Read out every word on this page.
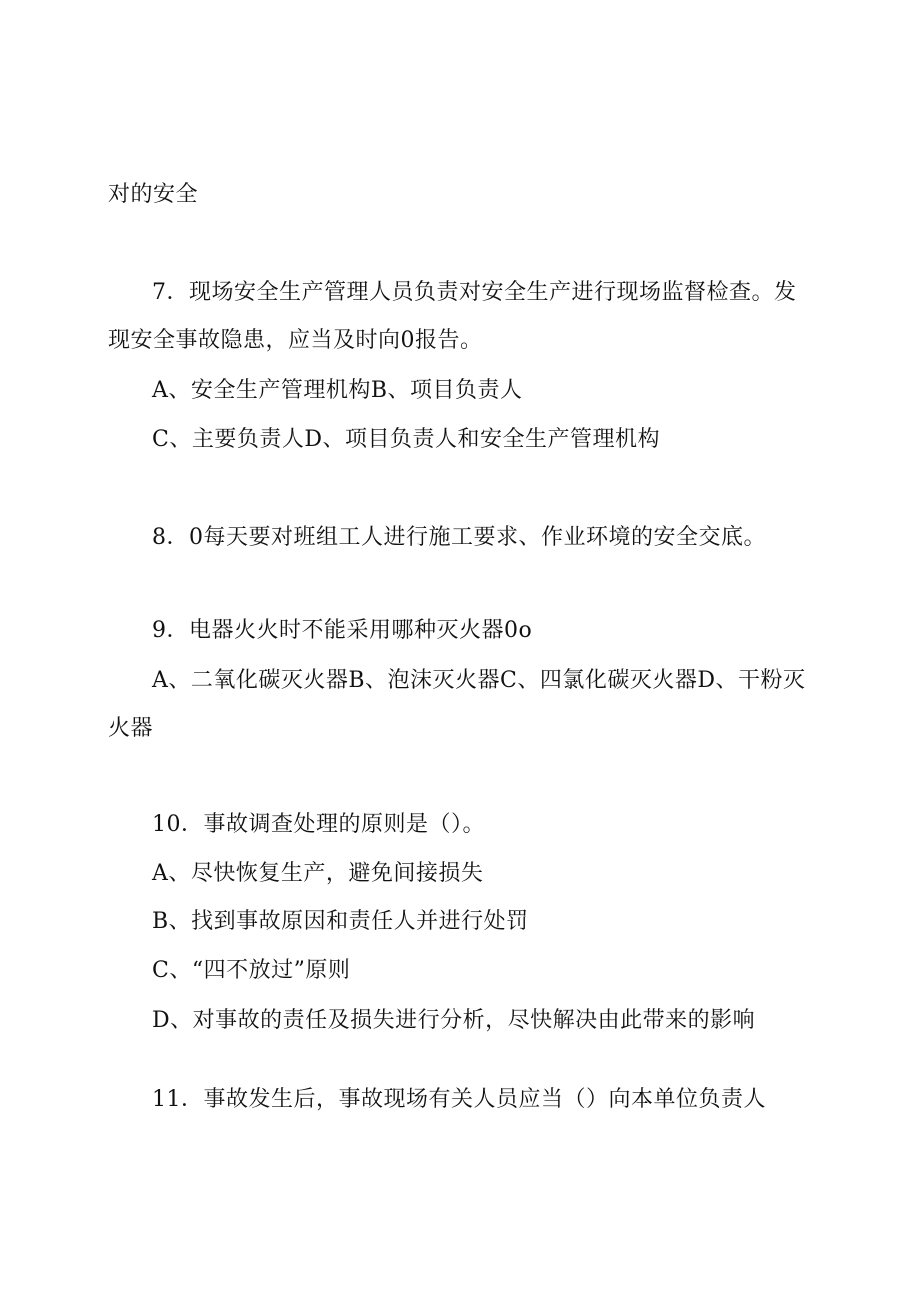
对的安全
7．现场安全生产管理人员负责对安全生产进行现场监督检查。发
现安全事故隐患，应当及时向0报告。
A、安全生产管理机构B、项目负责人
C、主要负责人D、项目负责人和安全生产管理机构
8．0每天要对班组工人进行施工要求、作业环境的安全交底。
9．电器火火时不能采用哪种灭火器0o
A、二氧化碳灭火器B、泡沫灭火器C、四氯化碳灭火器D、干粉灭
火器
10．事故调查处理的原则是（）。
A、尽快恢复生产，避免间接损失
B、找到事故原因和责任人并进行处罚
C、“四不放过”原则
D、对事故的责任及损失进行分析，尽快解决由此带来的影响
11．事故发生后，事故现场有关人员应当（）向本单位负责人
